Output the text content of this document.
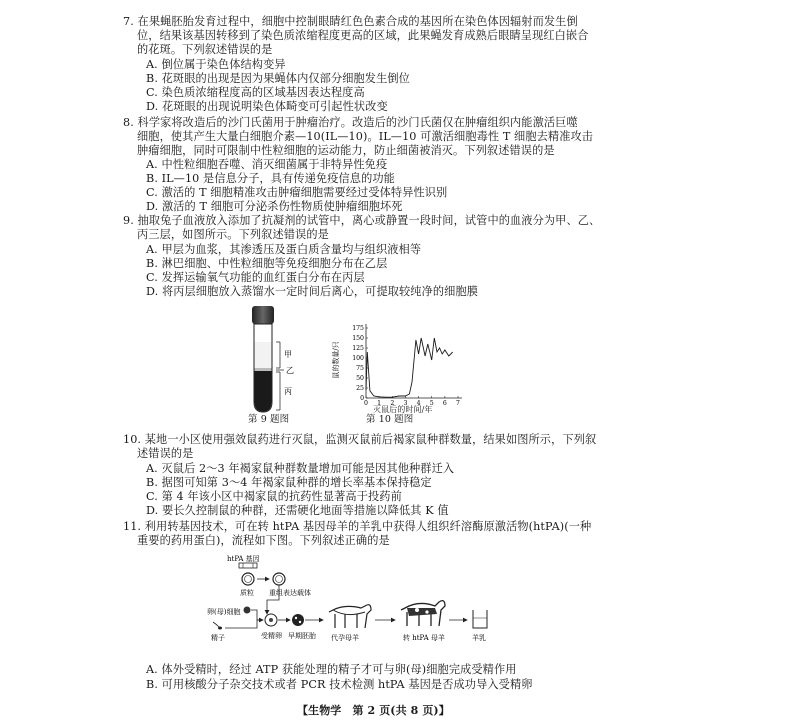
7. 在果蝇胚胎发育过程中，细胞中控制眼睛红色色素合成的基因所在染色体因辐射而发生倒
位，结果该基因转移到了染色质浓缩程度更高的区域，此果蝇发育成熟后眼睛呈现红白嵌合
的花斑。下列叙述错误的是
A. 倒位属于染色体结构变异
B. 花斑眼的出现是因为果蝇体内仅部分细胞发生倒位
C. 染色质浓缩程度高的区域基因表达程度高
D. 花斑眼的出现说明染色体畸变可引起性状改变
8. 科学家将改造后的沙门氏菌用于肿瘤治疗。改造后的沙门氏菌仅在肿瘤组织内能激活巨噬
细胞，使其产生大量白细胞介素—10(IL—10)。IL—10 可激活细胞毒性 T 细胞去精准攻击
肿瘤细胞，同时可限制中性粒细胞的运动能力，防止细菌被消灭。下列叙述错误的是
A. 中性粒细胞吞噬、消灭细菌属于非特异性免疫
B. IL—10 是信息分子，具有传递免疫信息的功能
C. 激活的 T 细胞精准攻击肿瘤细胞需要经过受体特异性识别
D. 激活的 T 细胞可分泌杀伤性物质使肿瘤细胞坏死
9. 抽取兔子血液放入添加了抗凝剂的试管中，离心或静置一段时间，试管中的血液分为甲、乙、
丙三层，如图所示。下列叙述错误的是
A. 甲层为血浆，其渗透压及蛋白质含量均与组织液相等
B. 淋巴细胞、中性粒细胞等免疫细胞分布在乙层
C. 发挥运输氧气功能的血红蛋白分布在丙层
D. 将丙层细胞放入蒸馏水一定时间后离心，可提取较纯净的细胞膜
甲
乙
丙
第 9 题图
鼠的数量/只
0
25
50
75
100
125
150
175
0 1 2 3 4 5 6 7
灭鼠后的时间/年
第 10 题图
10. 某地一小区使用强效鼠药进行灭鼠，监测灭鼠前后褐家鼠种群数量，结果如图所示，下列叙
述错误的是
A. 灭鼠后 2～3 年褐家鼠种群数量增加可能是因其他种群迁入
B. 据图可知第 3～4 年褐家鼠种群的增长率基本保持稳定
C. 第 4 年该小区中褐家鼠的抗药性显著高于投药前
D. 要长久控制鼠的种群，还需硬化地面等措施以降低其 K 值
11. 利用转基因技术，可在转 htPA 基因母羊的羊乳中获得人组织纤溶酶原激活物(htPA)(一种
重要的药用蛋白)，流程如下图。下列叙述正确的是
htPA 基因
质粒 重组表达载体
卵(母)细胞
精子	受精卵 早期胚胎 代孕母羊	转 htPA 母羊	羊乳
A. 体外受精时，经过 ATP 获能处理的精子才可与卵(母)细胞完成受精作用
B. 可用核酸分子杂交技术或者 PCR 技术检测 htPA 基因是否成功导入受精卵
【生物学　第 2 页(共 8 页)】
